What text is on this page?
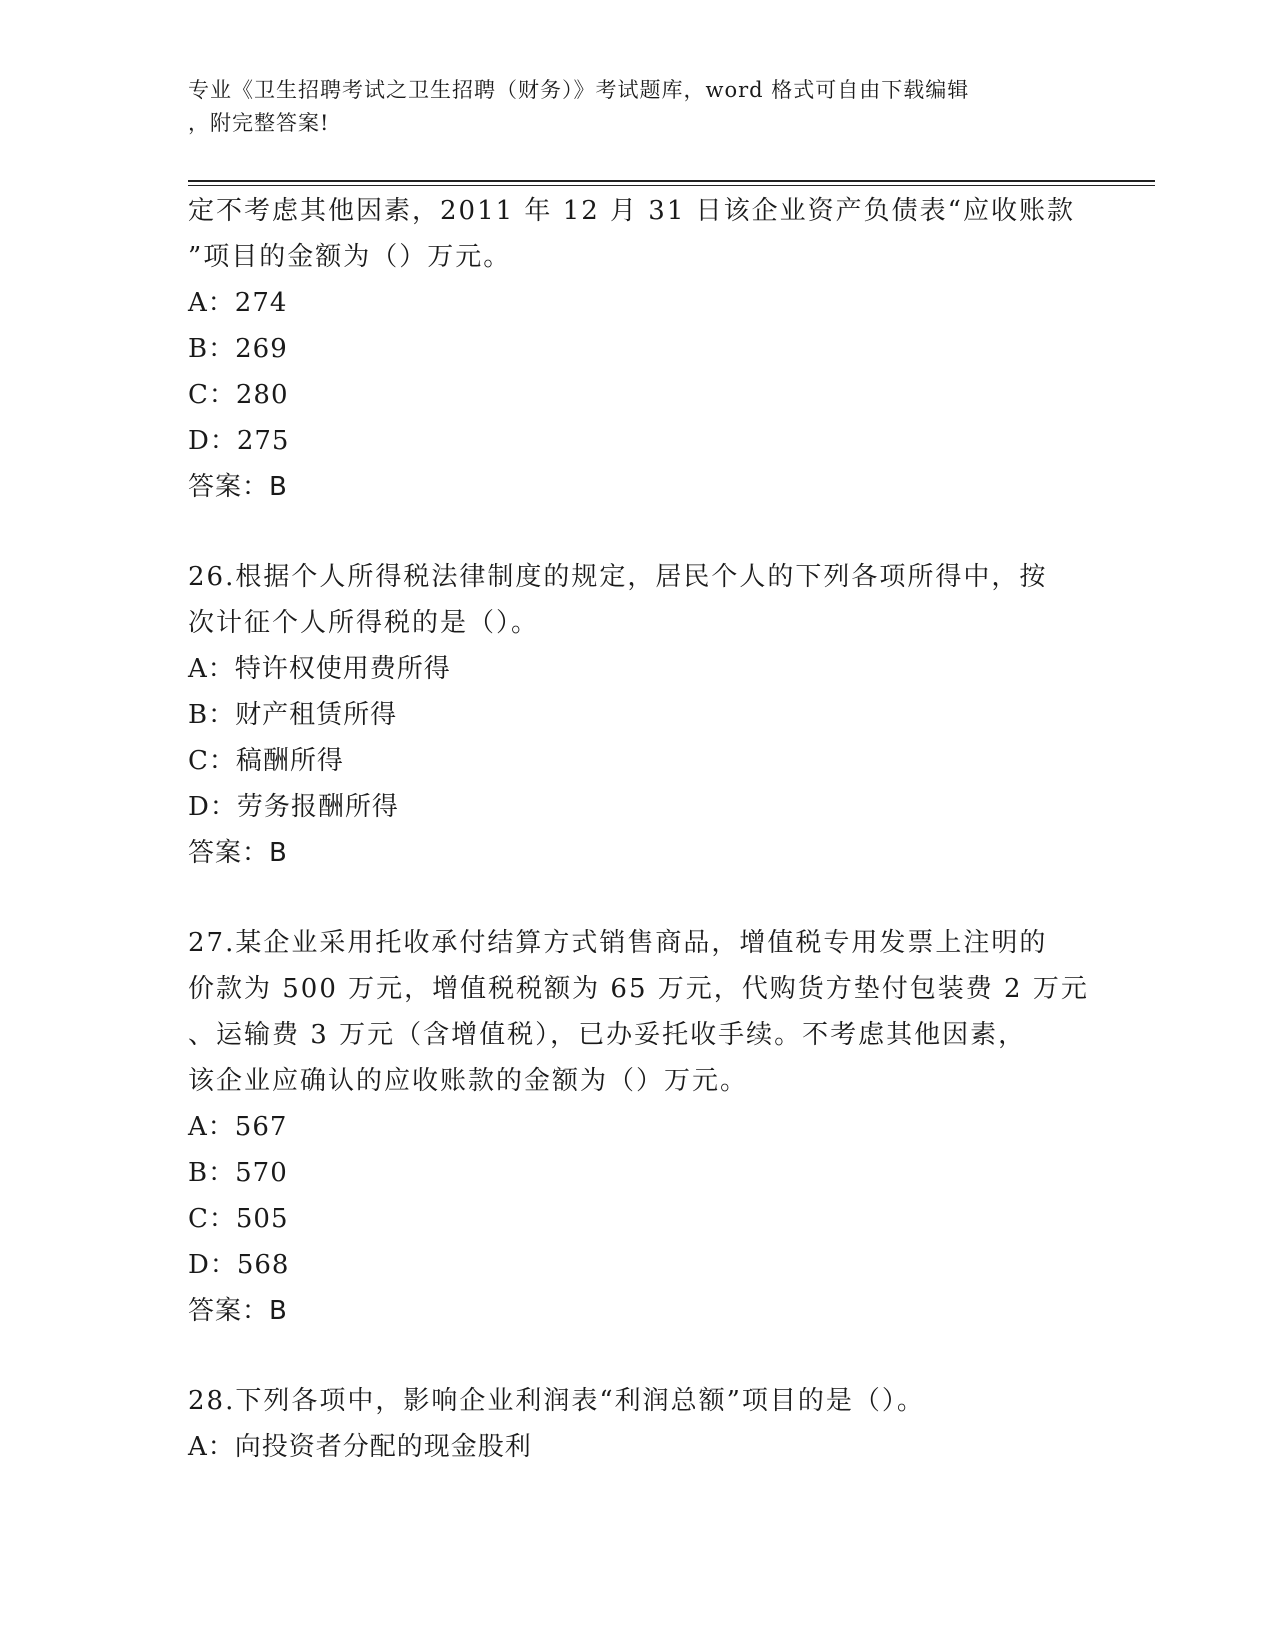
专业《卫生招聘考试之卫生招聘（财务）》考试题库，word 格式可自由下载编辑

，附完整答案!

定不考虑其他因素，2011 年 12 月 31 日该企业资产负债表“应收账款

”项目的金额为（）万元。

A：274

B：269

C：280

D：275

答案：B

26.根据个人所得税法律制度的规定，居民个人的下列各项所得中，按

次计征个人所得税的是（）。

A：特许权使用费所得

B：财产租赁所得

C：稿酬所得

D：劳务报酬所得

答案：B

27.某企业采用托收承付结算方式销售商品，增值税专用发票上注明的

价款为 500 万元，增值税税额为 65 万元，代购货方垫付包装费 2 万元

、运输费 3 万元（含增值税），已办妥托收手续。不考虑其他因素，

该企业应确认的应收账款的金额为（）万元。

A：567

B：570

C：505

D：568

答案：B

28.下列各项中，影响企业利润表“利润总额”项目的是（）。

A：向投资者分配的现金股利
